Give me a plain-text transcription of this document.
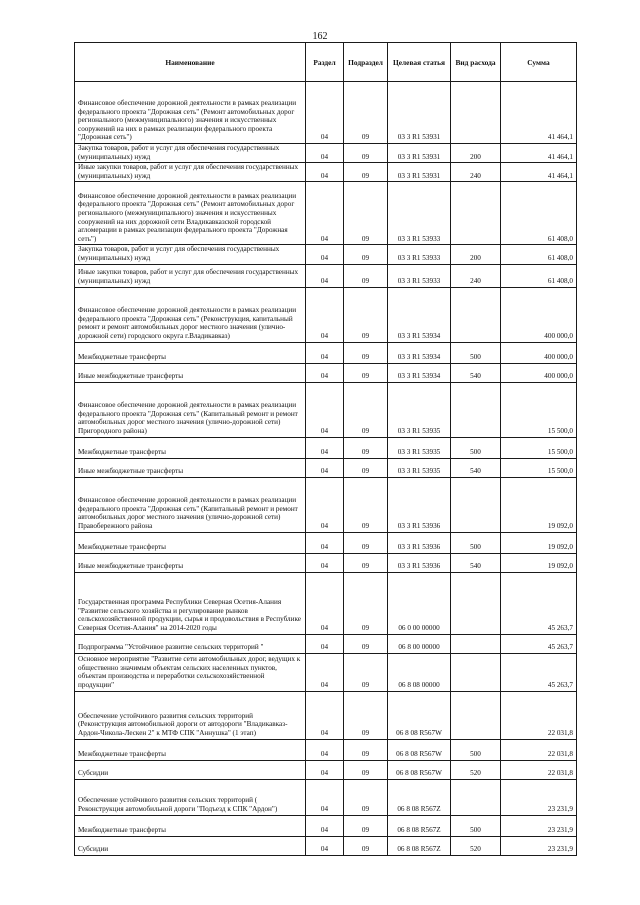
162
Наименование	Раздел	Подраздел	Целевая статья	Вид расхода	Сумма
Финансовое обеспечение дорожной деятельности в рамках реализации федерального проекта "Дорожная сеть" (Ремонт автомобильных дорог регионального (межмуниципального) значения и искусственных сооружений на них в рамках реализации федерального проекта "Дорожная сеть")	04	09	03 3 R1 53931		41 464,1
Закупка товаров, работ и услуг для обеспечения государственных (муниципальных) нужд	04	09	03 3 R1 53931	200	41 464,1
Иные закупки товаров, работ и услуг для обеспечения государственных (муниципальных) нужд	04	09	03 3 R1 53931	240	41 464,1
Финансовое обеспечение дорожной деятельности в рамках реализации федерального проекта "Дорожная сеть" (Ремонт автомобильных дорог регионального (межмуниципального) значения и искусственных сооружений на них дорожной сети Владикавказской городской агломерации в рамках реализации федерального проекта "Дорожная сеть")	04	09	03 3 R1 53933		61 408,0
Закупка товаров, работ и услуг для обеспечения государственных (муниципальных) нужд	04	09	03 3 R1 53933	200	61 408,0
Иные закупки товаров, работ и услуг для обеспечения государственных (муниципальных) нужд	04	09	03 3 R1 53933	240	61 408,0
Финансовое обеспечение дорожной деятельности в рамках реализации федерального проекта "Дорожная сеть" (Реконструкция, капитальный ремонт и ремонт автомобильных дорог местного значения (улично-дорожной сети) городского округа г.Владикавказ)	04	09	03 3 R1 53934		400 000,0
Межбюджетные трансферты	04	09	03 3 R1 53934	500	400 000,0
Иные межбюджетные трансферты	04	09	03 3 R1 53934	540	400 000,0
Финансовое обеспечение дорожной деятельности в рамках реализации федерального проекта "Дорожная сеть" (Капитальный ремонт и ремонт автомобильных дорог местного значения (улично-дорожной сети) Пригородного района)	04	09	03 3 R1 53935		15 500,0
Межбюджетные трансферты	04	09	03 3 R1 53935	500	15 500,0
Иные межбюджетные трансферты	04	09	03 3 R1 53935	540	15 500,0
Финансовое обеспечение дорожной деятельности в рамках реализации федерального проекта "Дорожная сеть" (Капитальный ремонт и ремонт автомобильных дорог местного значения (улично-дорожной сети) Правобережного района	04	09	03 3 R1 53936		19 092,0
Межбюджетные трансферты	04	09	03 3 R1 53936	500	19 092,0
Иные межбюджетные трансферты	04	09	03 3 R1 53936	540	19 092,0
Государственная программа Республики Северная Осетия-Алания "Развитие сельского хозяйства и регулирование рынков сельскохозяйственной продукции, сырья и продовольствия в Республике Северная Осетия-Алания" на 2014-2020 годы	04	09	06 0 00 00000		45 263,7
Подпрограмма "Устойчивое развитие сельских территорий "	04	09	06 8 00 00000		45 263,7
Основное мероприятие "Развитие сети автомобильных дорог, ведущих к общественно значимым объектам сельских населенных пунктов, объектам производства и переработки сельскохозяйственной продукции"	04	09	06 8 08 00000		45 263,7
Обеспечение устойчивого развития сельских территорий (Реконструкция автомобильной дороги от автодороги "Владикавказ-Ардон-Чикола-Лескен 2" к МТФ СПК "Аннушка" (1 этап)	04	09	06 8 08 R567W		22 031,8
Межбюджетные трансферты	04	09	06 8 08 R567W	500	22 031,8
Субсидии	04	09	06 8 08 R567W	520	22 031,8
Обеспечение устойчивого развития сельских территорий ( Реконструкция автомобильной дороги "Подъезд к СПК "Ардон")	04	09	06 8 08 R567Z		23 231,9
Межбюджетные трансферты	04	09	06 8 08 R567Z	500	23 231,9
Субсидии	04	09	06 8 08 R567Z	520	23 231,9
